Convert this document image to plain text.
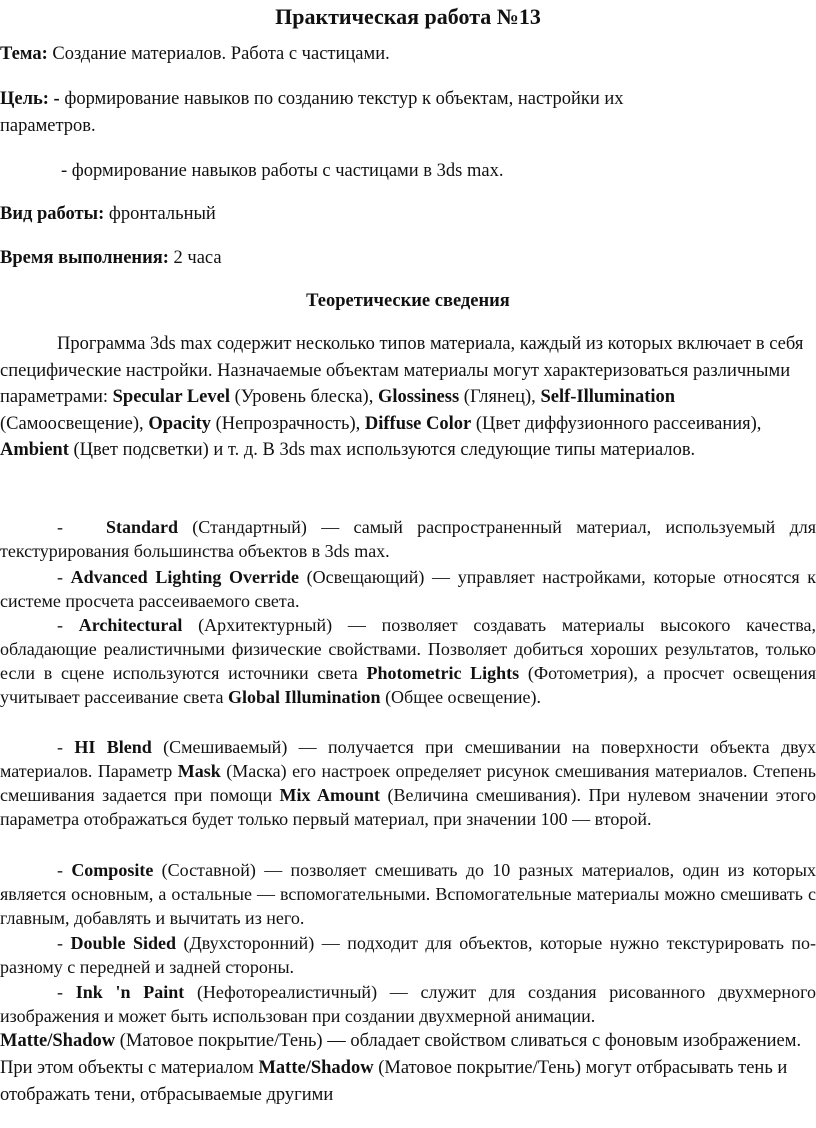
Практическая работа №13
Тема: Создание материалов. Работа с частицами.
Цель: - формирование навыков по созданию текстур к объектам, настройки их
параметров.
- формирование навыков работы с частицами в 3ds max.
Вид работы: фронтальный
Время выполнения: 2 часа
Теоретические сведения
Программа 3ds max содержит несколько типов материала, каждый из которых включает в себя специфические настройки. Назначаемые объектам материалы могут характеризоваться различными параметрами: Specular Level (Уровень блеска), Glossiness (Глянец), Self-Illumination (Самоосвещение), Opacity (Непрозрачность), Diffuse Color (Цвет диффузионного рассеивания), Ambient (Цвет подсветки) и т. д. В 3ds max используются следующие типы материалов.
- Standard (Стандартный) — самый распространенный материал, используемый для текстурирования большинства объектов в 3ds max.
- Advanced Lighting Override (Освещающий) — управляет настройками, которые относятся к системе просчета рассеиваемого света.
- Architectural (Архитектурный) — позволяет создавать материалы высокого качества, обладающие реалистичными физические свойствами. Позволяет добиться хороших результатов, только если в сцене используются источники света Photometric Lights (Фотометрия), а просчет освещения учитывает рассеивание света Global Illumination (Общее освещение).
- HI Blend (Смешиваемый) — получается при смешивании на поверхности объекта двух материалов. Параметр Mask (Маска) его настроек определяет рисунок смешивания материалов. Степень смешивания задается при помощи Mix Amount (Величина смешивания). При нулевом значении этого параметра отображаться будет только первый материал, при значении 100 — второй.
- Composite (Составной) — позволяет смешивать до 10 разных материалов, один из которых является основным, а остальные — вспомогательными. Вспомогательные материалы можно смешивать с главным, добавлять и вычитать из него.
- Double Sided (Двухсторонний) — подходит для объектов, которые нужно текстурировать по-разному с передней и задней стороны.
- Ink 'n Paint (Нефотореалистичный) — служит для создания рисованного двухмерного изображения и может быть использован при создании двухмерной анимации.
Matte/Shadow (Матовое покрытие/Тень) — обладает свойством сливаться с фоновым изображением. При этом объекты с материалом Matte/Shadow (Матовое покрытие/Тень) могут отбрасывать тень и отображать тени, отбрасываемые другими
